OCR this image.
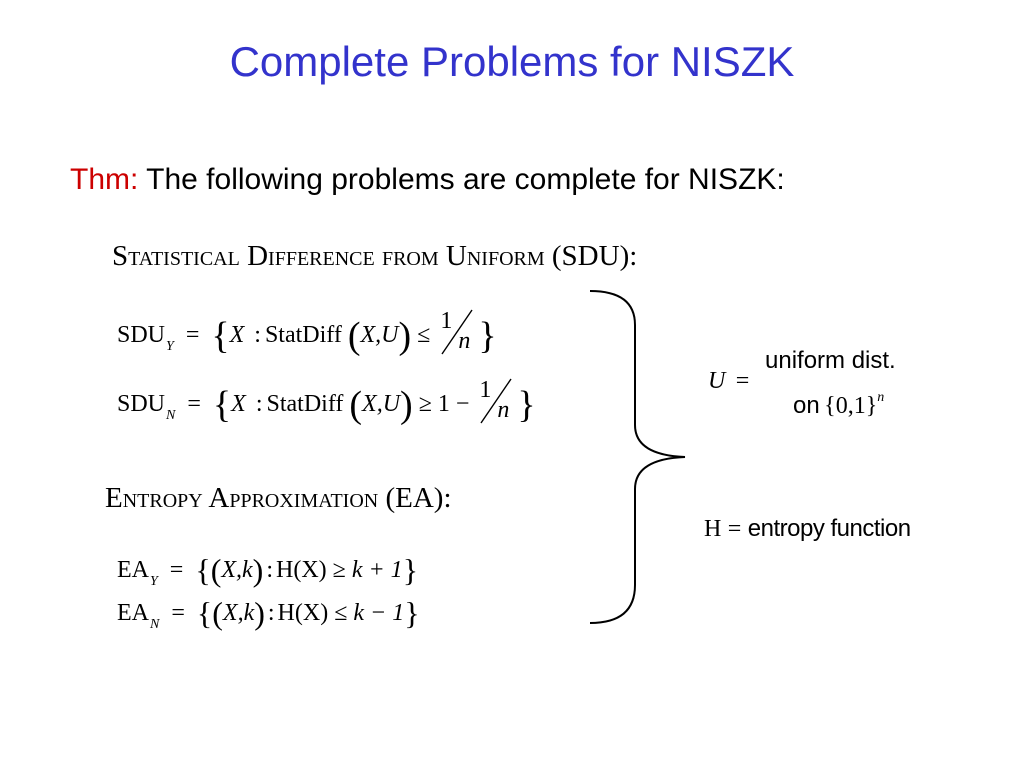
Complete Problems for NISZK
Thm: The following problems are complete for NISZK:
Statistical Difference from Uniform (SDU):
$SDU_Y = \{X$ : StatDiff (X,U) ≤
1
n }
$SDU_N = \{X$ : StatDiff (X,U) ≥ 1 −
1
n }
Entropy Approximation (EA):
$EA_Y = \{(X,k)$ : H(X) ≥ k + 1}
$EA_N = \{(X,k)$ : H(X) ≤ k − 1}
U =
uniform dist.
on $\{0,1\}^n$
H = entropy function
